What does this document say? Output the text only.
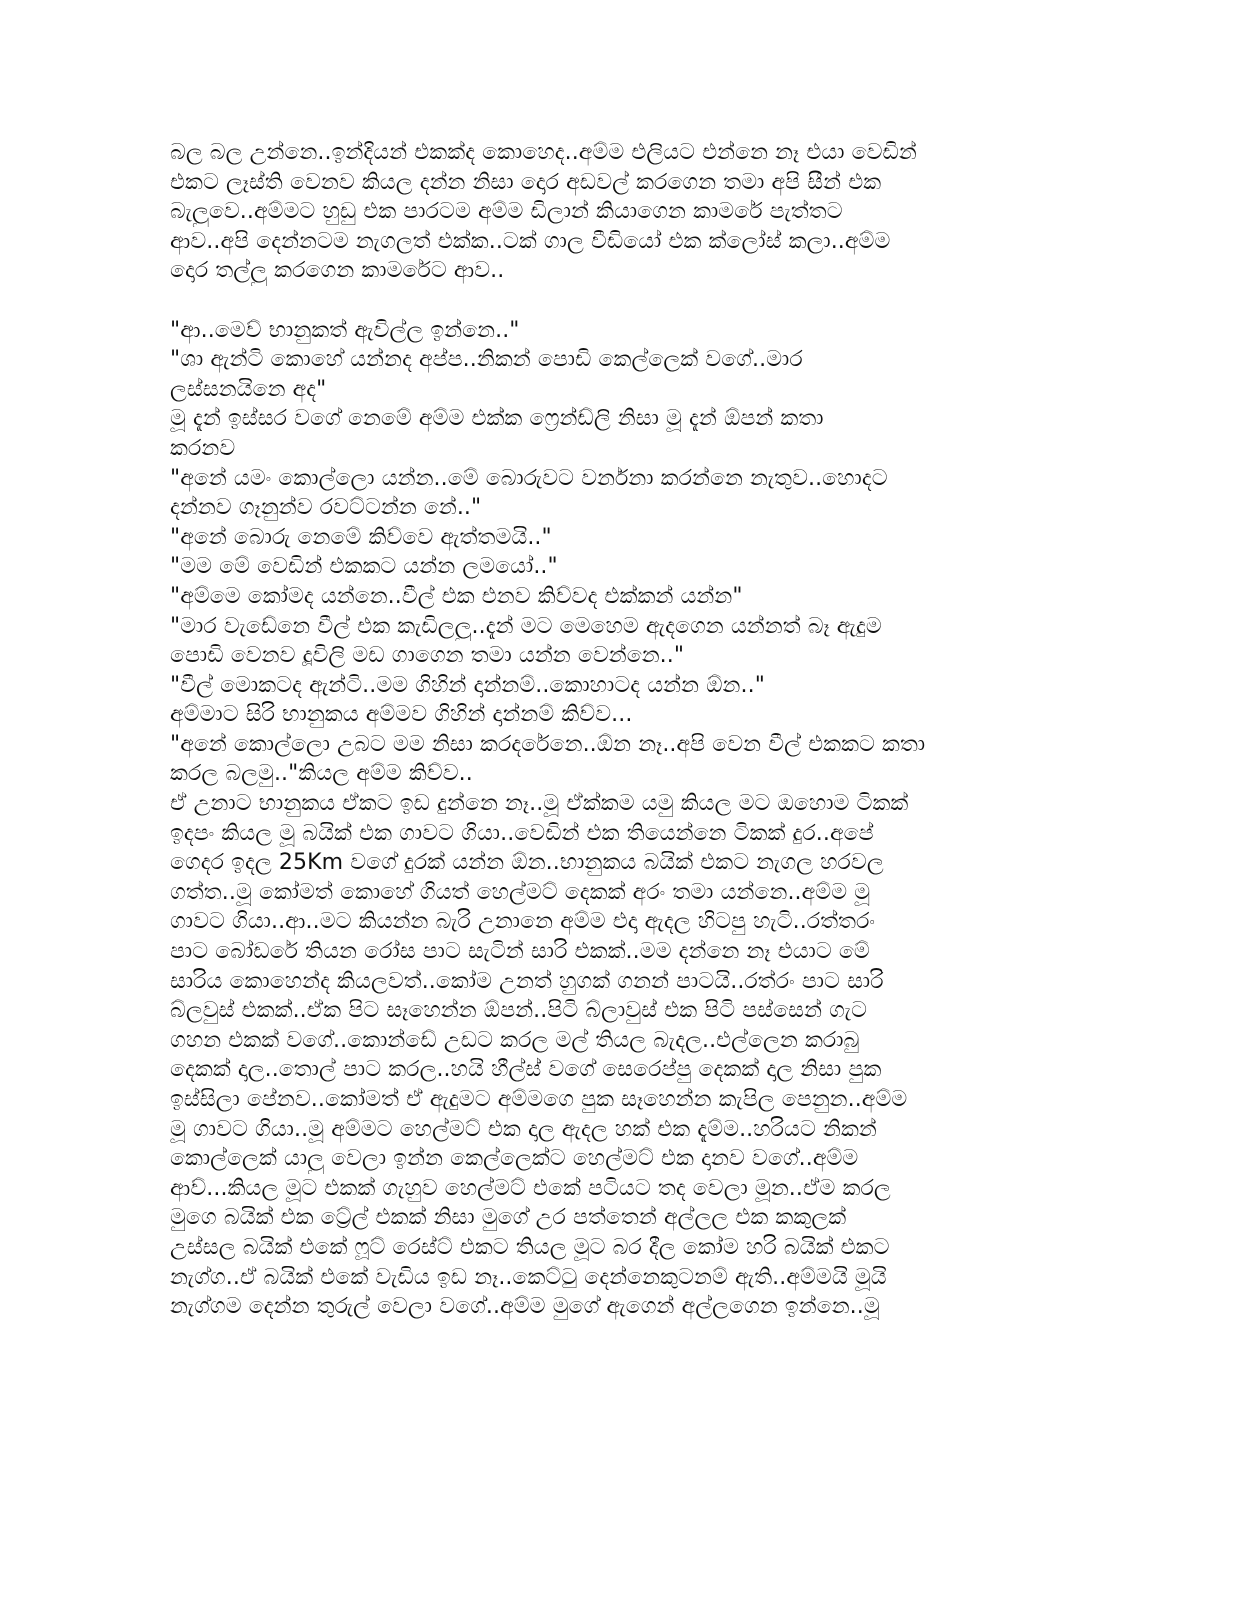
බල බල උන්නෙ..ඉන්දියන් එකක්ද කොහෙද..අම්ම එලියට එන්නෙ නෑ එයා වෙඩින්
එකට ලෑස්ති වෙනව කියල දන්න නිසා දොර අඩවල් කරගෙන තමා අපි සීන් එක
බැලුවෙ..අම්මට හුඩු එක පාරටම අම්ම ඩිලාන් කියාගෙන කාමරේ පැත්තට
ආව..අපි දෙන්නටම නැගලත් එක්ක..ටක් ගාල වීඩියෝ එක ක්ලෝස් කලා..අම්ම
දොර තල්ලු කරගෙන කාමරේට ආව..
"ආ..මෙව් භානුකත් ඇවිල්ල ඉන්නෙ.."
"ශා ඇන්ටි කොහේ යන්නද අප්ප..නිකන් පොඩි කෙල්ලෙක් වගේ..මාර
ලස්සනයිනෙ අද"
මූ දැන් ඉස්සර වගේ නෙමේ අම්ම එක්ක ෆ්‍රෙන්ඩ්ලි නිසා මූ දැන් ඕපන් කතා
කරනව
"අනේ යමං කොල්ලො යන්න..මේ බොරුවට වර්නනා කරන්නෙ නැතුව..හොදට
දන්නව ගෑනුන්ව රවට්ටන්න නේ.."
"අනේ බොරු නෙමේ කිව්වෙ ඇත්තමයි.."
"මම මේ වෙඩින් එකකට යන්න ලමයෝ.."
"අම්මෙ කෝමද යන්නෙ..වීල් එක එනව කිව්වද එක්කන් යන්න"
"මාර වැඩේනෙ වීල් එක කැඩිලලු..දැන් මට මෙහෙම ඇදගෙන යන්නත් බෑ ඇදුම
පොඩි වෙනව දූවිලි මඩ ගාගෙන තමා යන්න වෙන්නෙ.."
"වීල් මොකටද ඇන්ටි..මම ගිහින් දාන්නම්..කොහාටද යන්න ඕන.."
අම්මාට සිරි භානුකය අම්මව ගිහින් දාන්නම් කිව්ව...
"අනේ කොල්ලො උබට මම නිසා කරදරේනෙ..ඕන නෑ..අපි වෙන වීල් එකකට කතා
කරල බලමු.."කියල අම්ම කිව්ව..
ඒ උනාට භානුකය ඒකට ඉඩ දුන්නෙ නෑ..මූ ඒක්කම යමු කියල මට ඔහොම ටිකක්
ඉදපං කියල මූ බයික් එක ගාවට ගියා..වෙඩින් එක තියෙන්නෙ ටිකක් දුර..අපේ
ගෙදර ඉදල 25Km වගේ දුරක් යන්න ඕන..භානුකය බයික් එකට නැගල හරවල
ගත්ත..මූ කෝමත් කොහේ ගියත් හෙල්මට් දෙකක් අරං තමා යන්නෙ..අම්ම මූ
ගාවට ගියා..ආ..මට කියන්න බැරි උනානෙ අම්ම එදා ඇදල හිටපු හැටි..රත්තරං
පාට බෝඩරේ තියන රෝස පාට සැටින් සාරි එකක්..මම දන්නෙ නෑ එයාට මේ
සාරිය කොහෙන්ද කියලවත්..කෝම උනත් හුගක් ගනන් පාටයි..රත්රං පාට සාරි
බ්ලවුස් එකක්..ඒක පිට සෑහෙන්න ඕපන්..පිටි බ්ලාවුස් එක පිටි පස්සෙන් ගැට
ගහන එකක් වගේ..කොන්ඩේ උඩට කරල මල් තියල බැදල..එල්ලෙන කරාබු
දෙකක් දාල..තොල් පාට කරල..හයි හීල්ස් වගේ සෙරෙප්පු දෙකක් දාල නිසා පුක
ඉස්සිලා පේනව..කෝමත් ඒ ඇදුමට අම්මගෙ පුක සෑහෙන්න කැපිල පෙනුන..අම්ම
මූ ගාවට ගියා..මූ අම්මට හෙල්මට් එක දාල ඇදල හක් එක දැම්ම..හරියට නිකන්
කොල්ලෙක් යාලු වෙලා ඉන්න කෙල්ලෙක්ට හෙල්මට් එක දානව වගේ..අම්ම
ආව්...කියල මූට එකක් ගැහුව හෙල්මට් එකේ පටියට තද වෙලා මූන..ඒම කරල
මුගෙ බයික් එක ට්‍රේල් එකක් නිසා මුගේ උර පත්තෙන් අල්ලල එක කකුලක්
උස්සල බයික් එකේ ෆූට් රෙස්ට් එකට තියල මූට බර දීල කෝම හරි බයික් එකට
නැග්ග..ඒ බයික් එකේ වැඩිය ඉඩ නෑ..කෙට්ටු දෙන්නෙකුටනම් ඇති..අම්මයි මූයි
නැග්ගම දෙන්න තුරුල් වෙලා වගේ..අම්ම මුගේ ඇගෙන් අල්ලගෙන ඉන්නෙ..මූ
